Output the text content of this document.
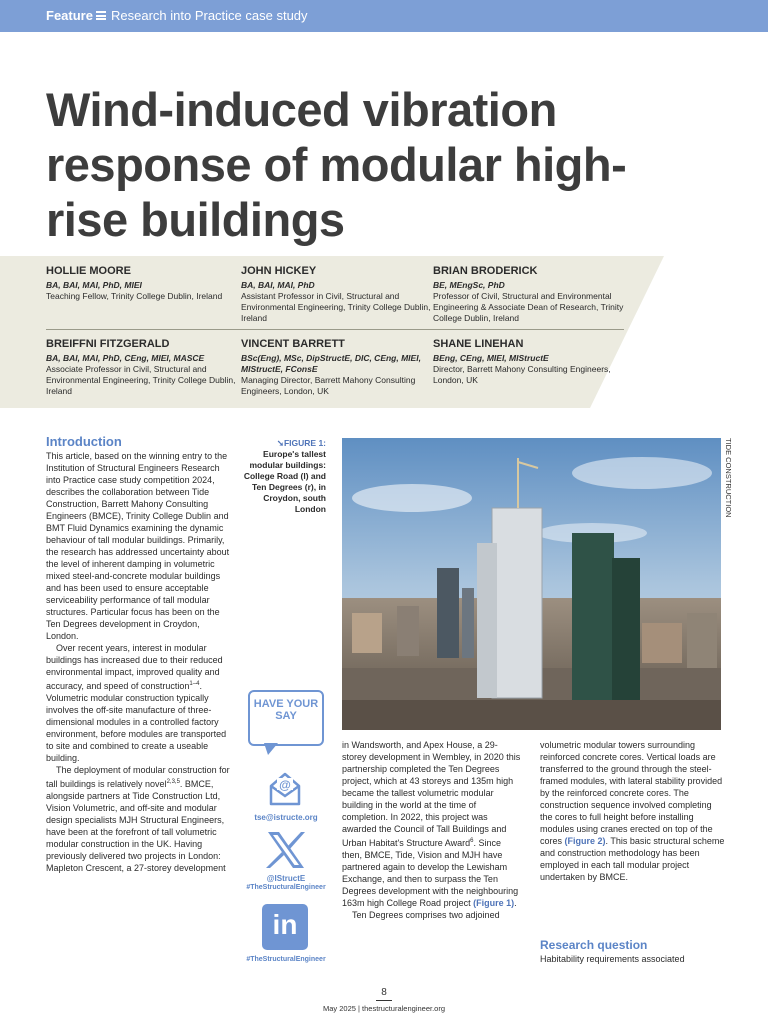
Feature Research into Practice case study
Wind-induced vibration response of modular high-rise buildings
HOLLIE MOORE
BA, BAI, MAI, PhD, MIEI
Teaching Fellow, Trinity College Dublin, Ireland
JOHN HICKEY
BA, BAI, MAI, PhD
Assistant Professor in Civil, Structural and Environmental Engineering, Trinity College Dublin, Ireland
BRIAN BRODERICK
BE, MEngSc, PhD
Professor of Civil, Structural and Environmental Engineering & Associate Dean of Research, Trinity College Dublin, Ireland
BREIFFNI FITZGERALD
BA, BAI, MAI, PhD, CEng, MIEI, MASCE
Associate Professor in Civil, Structural and Environmental Engineering, Trinity College Dublin, Ireland
VINCENT BARRETT
BSc(Eng), MSc, DipStructE, DIC, CEng, MIEI, MIStructE, FConsE
Managing Director, Barrett Mahony Consulting Engineers, London, UK
SHANE LINEHAN
BEng, CEng, MIEI, MIStructE
Director, Barrett Mahony Consulting Engineers, London, UK
Introduction

This article, based on the winning entry to the Institution of Structural Engineers Research into Practice case study competition 2024, describes the collaboration between Tide Construction, Barrett Mahony Consulting Engineers (BMCE), Trinity College Dublin and BMT Fluid Dynamics examining the dynamic behaviour of tall modular buildings. Primarily, the research has addressed uncertainty about the level of inherent damping in volumetric mixed steel-and-concrete modular buildings and has been used to ensure acceptable serviceability performance of tall modular structures. Particular focus has been on the Ten Degrees development in Croydon, London.

Over recent years, interest in modular buildings has increased due to their reduced environmental impact, improved quality and accuracy, and speed of construction$^{1-4}$. Volumetric modular construction typically involves the off-site manufacture of three-dimensional modules in a controlled factory environment, before modules are transported to site and combined to create a useable building.

The deployment of modular construction for tall buildings is relatively novel$^{2,3,5}$. BMCE, alongside partners at Tide Construction Ltd, Vision Volumetric, and off-site and modular design specialists MJH Structural Engineers, have been at the forefront of tall volumetric modular construction in the UK. Having previously delivered two projects in London: Mapleton Crescent, a 27-storey development

➘FIGURE 1:
Europe's tallest modular buildings: College Road (l) and Ten Degrees (r), in Croydon, south London	TIDE CONSTRUCTION
HAVE YOUR SAY
@
tse@istructe.org
@IStructE
#TheStructuralEngineer
in
#TheStructuralEngineer

in Wandsworth, and Apex House, a 29-storey development in Wembley, in 2020 this partnership completed the Ten Degrees project, which at 43 storeys and 135m high became the tallest volumetric modular building in the world at the time of completion. In 2022, this project was awarded the Council of Tall Buildings and Urban Habitat's Structure Award$^6$. Since then, BMCE, Tide, Vision and MJH have partnered again to develop the Lewisham Exchange, and then to surpass the Ten Degrees development with the neighbouring 163m high College Road project (Figure 1).

Ten Degrees comprises two adjoined

volumetric modular towers surrounding reinforced concrete cores. Vertical loads are transferred to the ground through the steel-framed modules, with lateral stability provided by the reinforced concrete cores. The construction sequence involved completing the cores to full height before installing modules using cranes erected on top of the cores (Figure 2). This basic structural scheme and construction methodology has been employed in each tall modular project undertaken by BMCE.

Research question

Habitability requirements associated

8
May 2025 | thestructuralengineer.org
